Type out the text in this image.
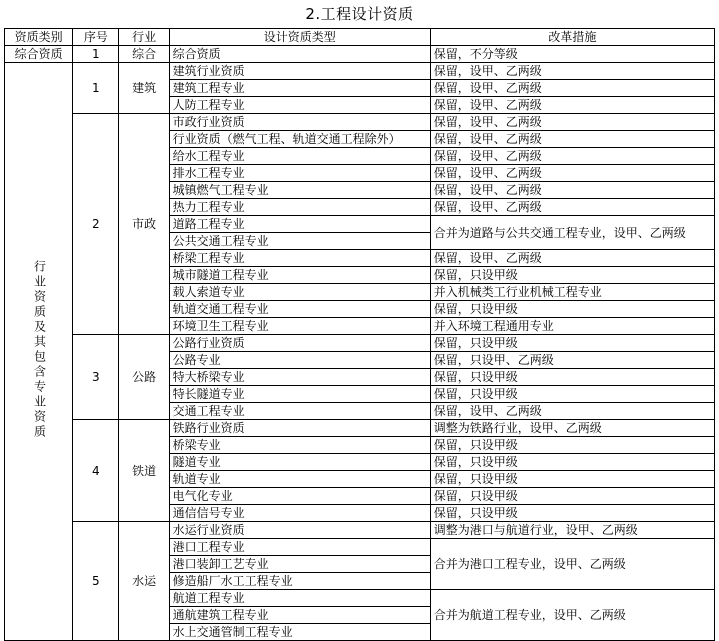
2.工程设计资质
资质类别	序号	行业	设计资质类型	改革措施
综合资质	1	综合	综合资质	保留，不分等级
行业资质及其包含专业资质	1	建筑	建筑行业资质	保留，设甲、乙两级
			建筑工程专业	保留，设甲、乙两级
			人防工程专业	保留，设甲、乙两级
	2	市政	市政行业资质	保留，设甲、乙两级
			行业资质（燃气工程、轨道交通工程除外）	保留，设甲、乙两级
			给水工程专业	保留，设甲、乙两级
			排水工程专业	保留，设甲、乙两级
			城镇燃气工程专业	保留，设甲、乙两级
			热力工程专业	保留，设甲、乙两级
			道路工程专业	合并为道路与公共交通工程专业，设甲、乙两级
			公共交通工程专业	
			桥梁工程专业	保留，设甲、乙两级
			城市隧道工程专业	保留，只设甲级
			载人索道专业	并入机械类工行业机械工程专业
			轨道交通工程专业	保留，只设甲级
			环境卫生工程专业	并入环境工程通用专业
	3	公路	公路行业资质	保留，只设甲级
			公路专业	保留，只设甲、乙两级
			特大桥梁专业	保留，只设甲级
			特长隧道专业	保留，只设甲级
			交通工程专业	保留，设甲、乙两级
	4	铁道	铁路行业资质	调整为铁路行业，设甲、乙两级
			桥梁专业	保留，只设甲级
			隧道专业	保留，只设甲级
			轨道专业	保留，只设甲级
			电气化专业	保留，只设甲级
			通信信号专业	保留，只设甲级
	5	水运	水运行业资质	调整为港口与航道行业，设甲、乙两级
			港口工程专业	合并为港口工程专业，设甲、乙两级
			港口装卸工艺专业	
			修造船厂水工工程专业	
			航道工程专业	合并为航道工程专业，设甲、乙两级
			通航建筑工程专业	
			水上交通管制工程专业	
